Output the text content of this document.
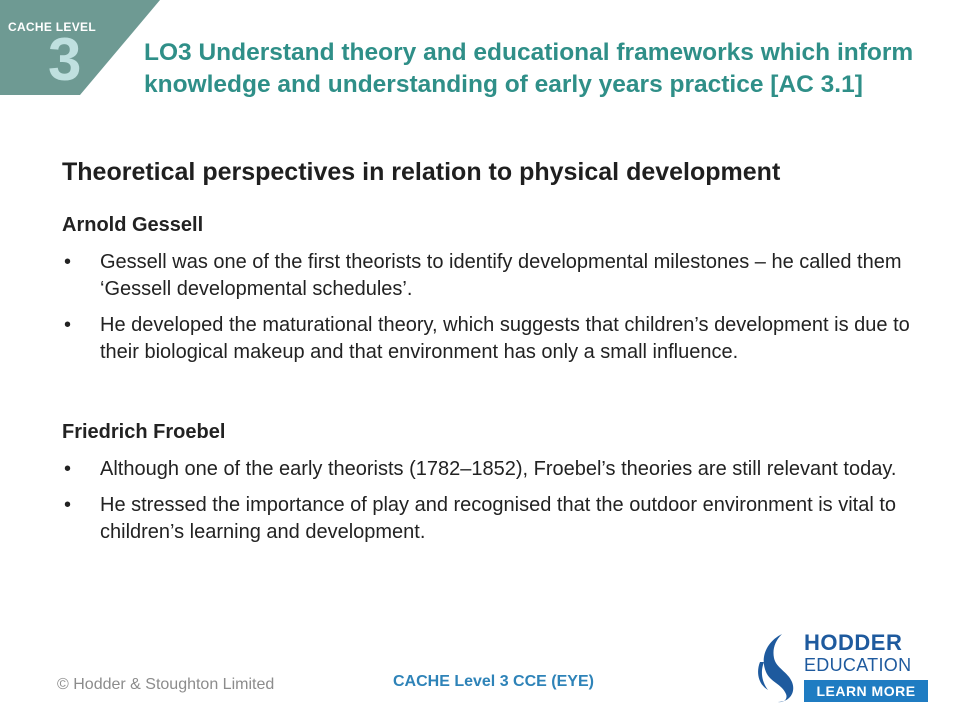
CACHE LEVEL
3	LO3 Understand theory and educational frameworks which inform knowledge and understanding of early years practice [AC 3.1]
Theoretical perspectives in relation to physical development
Arnold Gessell
• Gessell was one of the first theorists to identify developmental milestones – he called them ‘Gessell developmental schedules’.
• He developed the maturational theory, which suggests that children’s development is due to their biological makeup and that environment has only a small influence.
Friedrich Froebel
• Although one of the early theorists (1782–1852), Froebel’s theories are still relevant today.
• He stressed the importance of play and recognised that the outdoor environment is vital to children’s learning and development.
© Hodder & Stoughton Limited	CACHE Level 3 CCE (EYE)
HODDER
EDUCATION
LEARN MORE
